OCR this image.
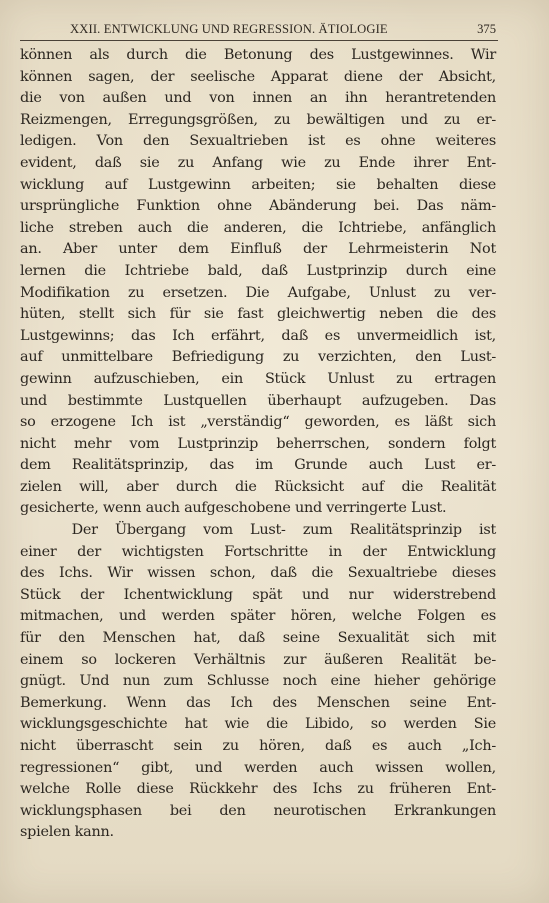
XXII. ENTWICKLUNG UND REGRESSION. ÄTIOLOGIE	375
können als durch die Betonung des Lustgewinnes. Wir
können sagen, der seelische Apparat diene der Absicht,
die von außen und von innen an ihn herantretenden
Reizmengen, Erregungsgrößen, zu bewältigen und zu er-
ledigen. Von den Sexualtrieben ist es ohne weiteres
evident, daß sie zu Anfang wie zu Ende ihrer Ent-
wicklung auf Lustgewinn arbeiten; sie behalten diese
ursprüngliche Funktion ohne Abänderung bei. Das näm-
liche streben auch die anderen, die Ichtriebe, anfänglich
an. Aber unter dem Einfluß der Lehrmeisterin Not
lernen die Ichtriebe bald, daß Lustprinzip durch eine
Modifikation zu ersetzen. Die Aufgabe, Unlust zu ver-
hüten, stellt sich für sie fast gleichwertig neben die des
Lustgewinns; das Ich erfährt, daß es unvermeidlich ist,
auf unmittelbare Befriedigung zu verzichten, den Lust-
gewinn aufzuschieben, ein Stück Unlust zu ertragen
und bestimmte Lustquellen überhaupt aufzugeben. Das
so erzogene Ich ist „verständig“ geworden, es läßt sich
nicht mehr vom Lustprinzip beherrschen, sondern folgt
dem Realitätsprinzip, das im Grunde auch Lust er-
zielen will, aber durch die Rücksicht auf die Realität
gesicherte, wenn auch aufgeschobene und verringerte Lust.
Der Übergang vom Lust- zum Realitätsprinzip ist
einer der wichtigsten Fortschritte in der Entwicklung
des Ichs. Wir wissen schon, daß die Sexualtriebe dieses
Stück der Ichentwicklung spät und nur widerstrebend
mitmachen, und werden später hören, welche Folgen es
für den Menschen hat, daß seine Sexualität sich mit
einem so lockeren Verhältnis zur äußeren Realität be-
gnügt. Und nun zum Schlusse noch eine hieher gehörige
Bemerkung. Wenn das Ich des Menschen seine Ent-
wicklungsgeschichte hat wie die Libido, so werden Sie
nicht überrascht sein zu hören, daß es auch „Ich-
regressionen“ gibt, und werden auch wissen wollen,
welche Rolle diese Rückkehr des Ichs zu früheren Ent-
wicklungsphasen bei den neurotischen Erkrankungen
spielen kann.
